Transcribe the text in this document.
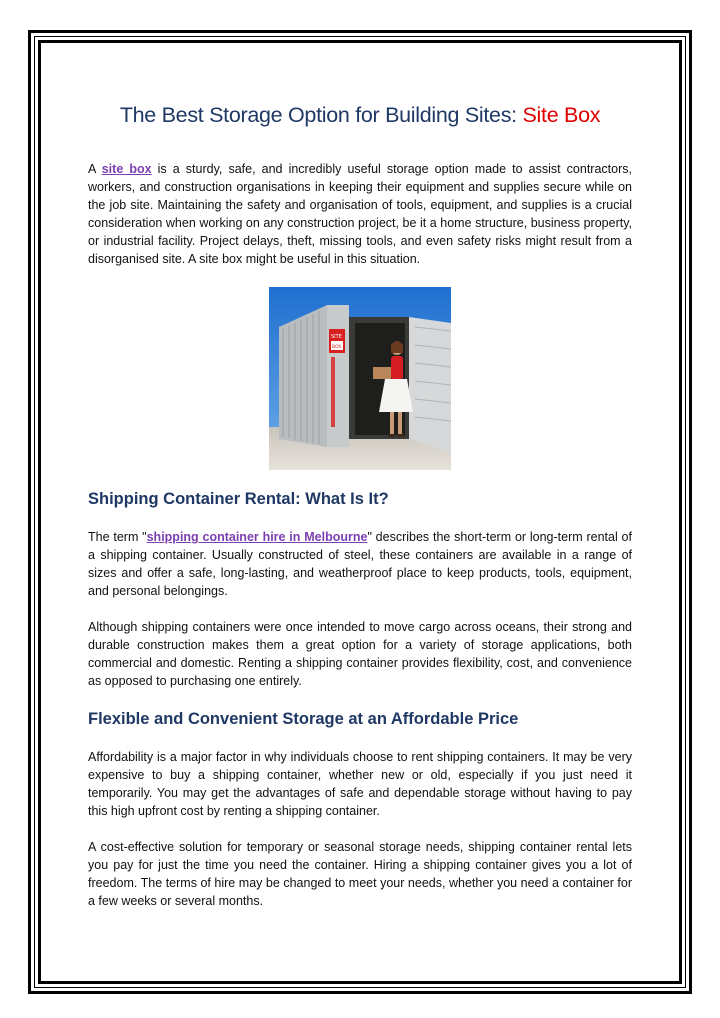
The Best Storage Option for Building Sites: Site Box

A site box is a sturdy, safe, and incredibly useful storage option made to assist contractors, workers, and construction organisations in keeping their equipment and supplies secure while on the job site. Maintaining the safety and organisation of tools, equipment, and supplies is a crucial consideration when working on any construction project, be it a home structure, business property, or industrial facility. Project delays, theft, missing tools, and even safety risks might result from a disorganised site. A site box might be useful in this situation.

SITE
BOX
Shipping Container Rental: What Is It?

The term "shipping container hire in Melbourne" describes the short-term or long-term rental of a shipping container. Usually constructed of steel, these containers are available in a range of sizes and offer a safe, long-lasting, and weatherproof place to keep products, tools, equipment, and personal belongings.

Although shipping containers were once intended to move cargo across oceans, their strong and durable construction makes them a great option for a variety of storage applications, both commercial and domestic. Renting a shipping container provides flexibility, cost, and convenience as opposed to purchasing one entirely.

Flexible and Convenient Storage at an Affordable Price

Affordability is a major factor in why individuals choose to rent shipping containers. It may be very expensive to buy a shipping container, whether new or old, especially if you just need it temporarily. You may get the advantages of safe and dependable storage without having to pay this high upfront cost by renting a shipping container.

A cost-effective solution for temporary or seasonal storage needs, shipping container rental lets you pay for just the time you need the container. Hiring a shipping container gives you a lot of freedom. The terms of hire may be changed to meet your needs, whether you need a container for a few weeks or several months.
